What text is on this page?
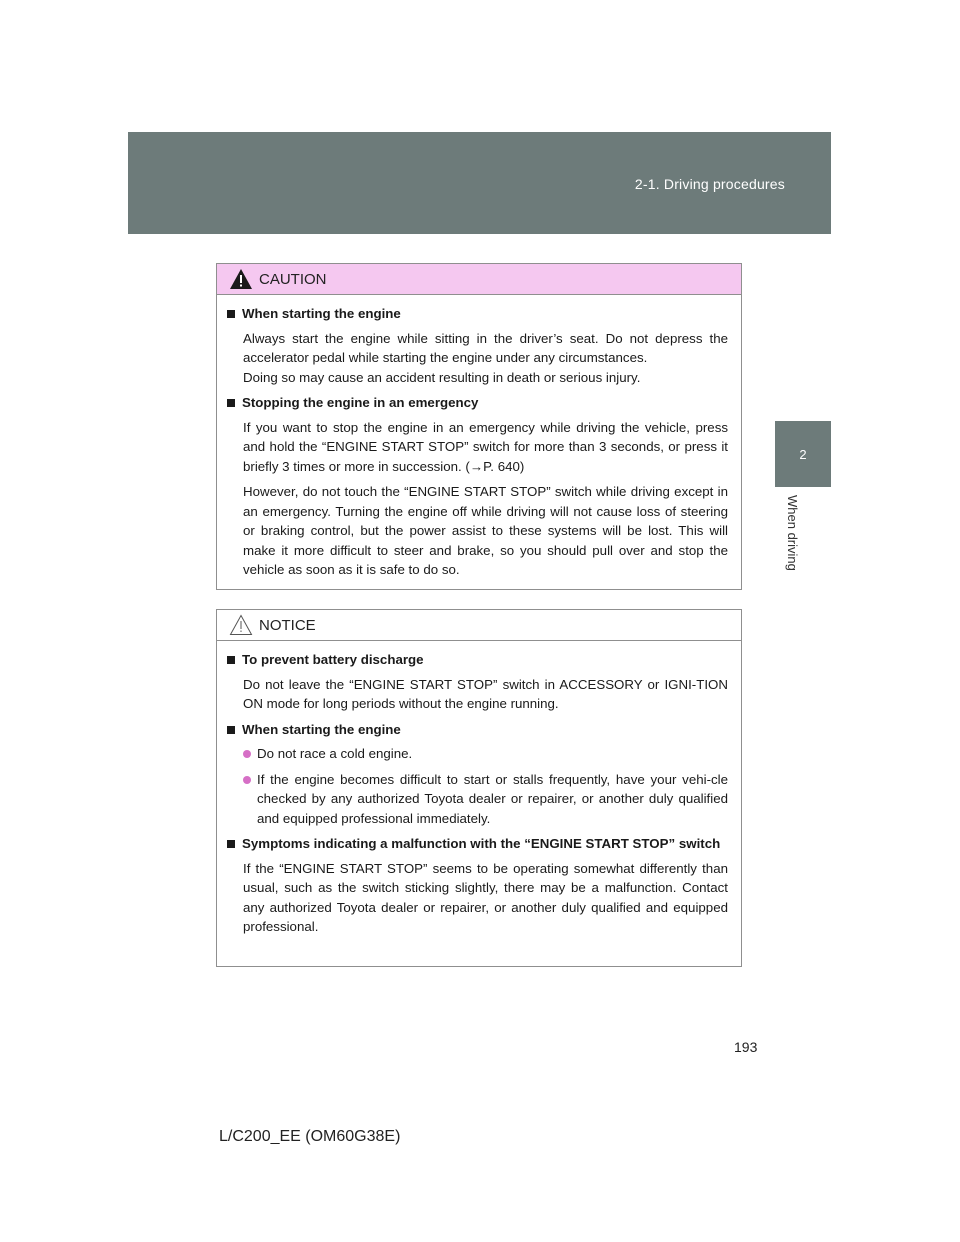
2-1. Driving procedures
2
When driving
CAUTION
When starting the engine
Always start the engine while sitting in the driver’s seat. Do not depress the accelerator pedal while starting the engine under any circumstances.
Doing so may cause an accident resulting in death or serious injury.
Stopping the engine in an emergency
If you want to stop the engine in an emergency while driving the vehicle, press and hold the “ENGINE START STOP” switch for more than 3 seconds, or press it briefly 3 times or more in succession. (→P. 640)
However, do not touch the “ENGINE START STOP” switch while driving except in an emergency. Turning the engine off while driving will not cause loss of steering or braking control, but the power assist to these systems will be lost. This will make it more difficult to steer and brake, so you should pull over and stop the vehicle as soon as it is safe to do so.
NOTICE
To prevent battery discharge
Do not leave the “ENGINE START STOP” switch in ACCESSORY or IGNI-TION ON mode for long periods without the engine running.
When starting the engine
Do not race a cold engine.
If the engine becomes difficult to start or stalls frequently, have your vehi-cle checked by any authorized Toyota dealer or repairer, or another duly qualified and equipped professional immediately.
Symptoms indicating a malfunction with the “ENGINE START STOP” switch
If the “ENGINE START STOP” seems to be operating somewhat differently than usual, such as the switch sticking slightly, there may be a malfunction. Contact any authorized Toyota dealer or repairer, or another duly qualified and equipped professional.
193
L/C200_EE (OM60G38E)
